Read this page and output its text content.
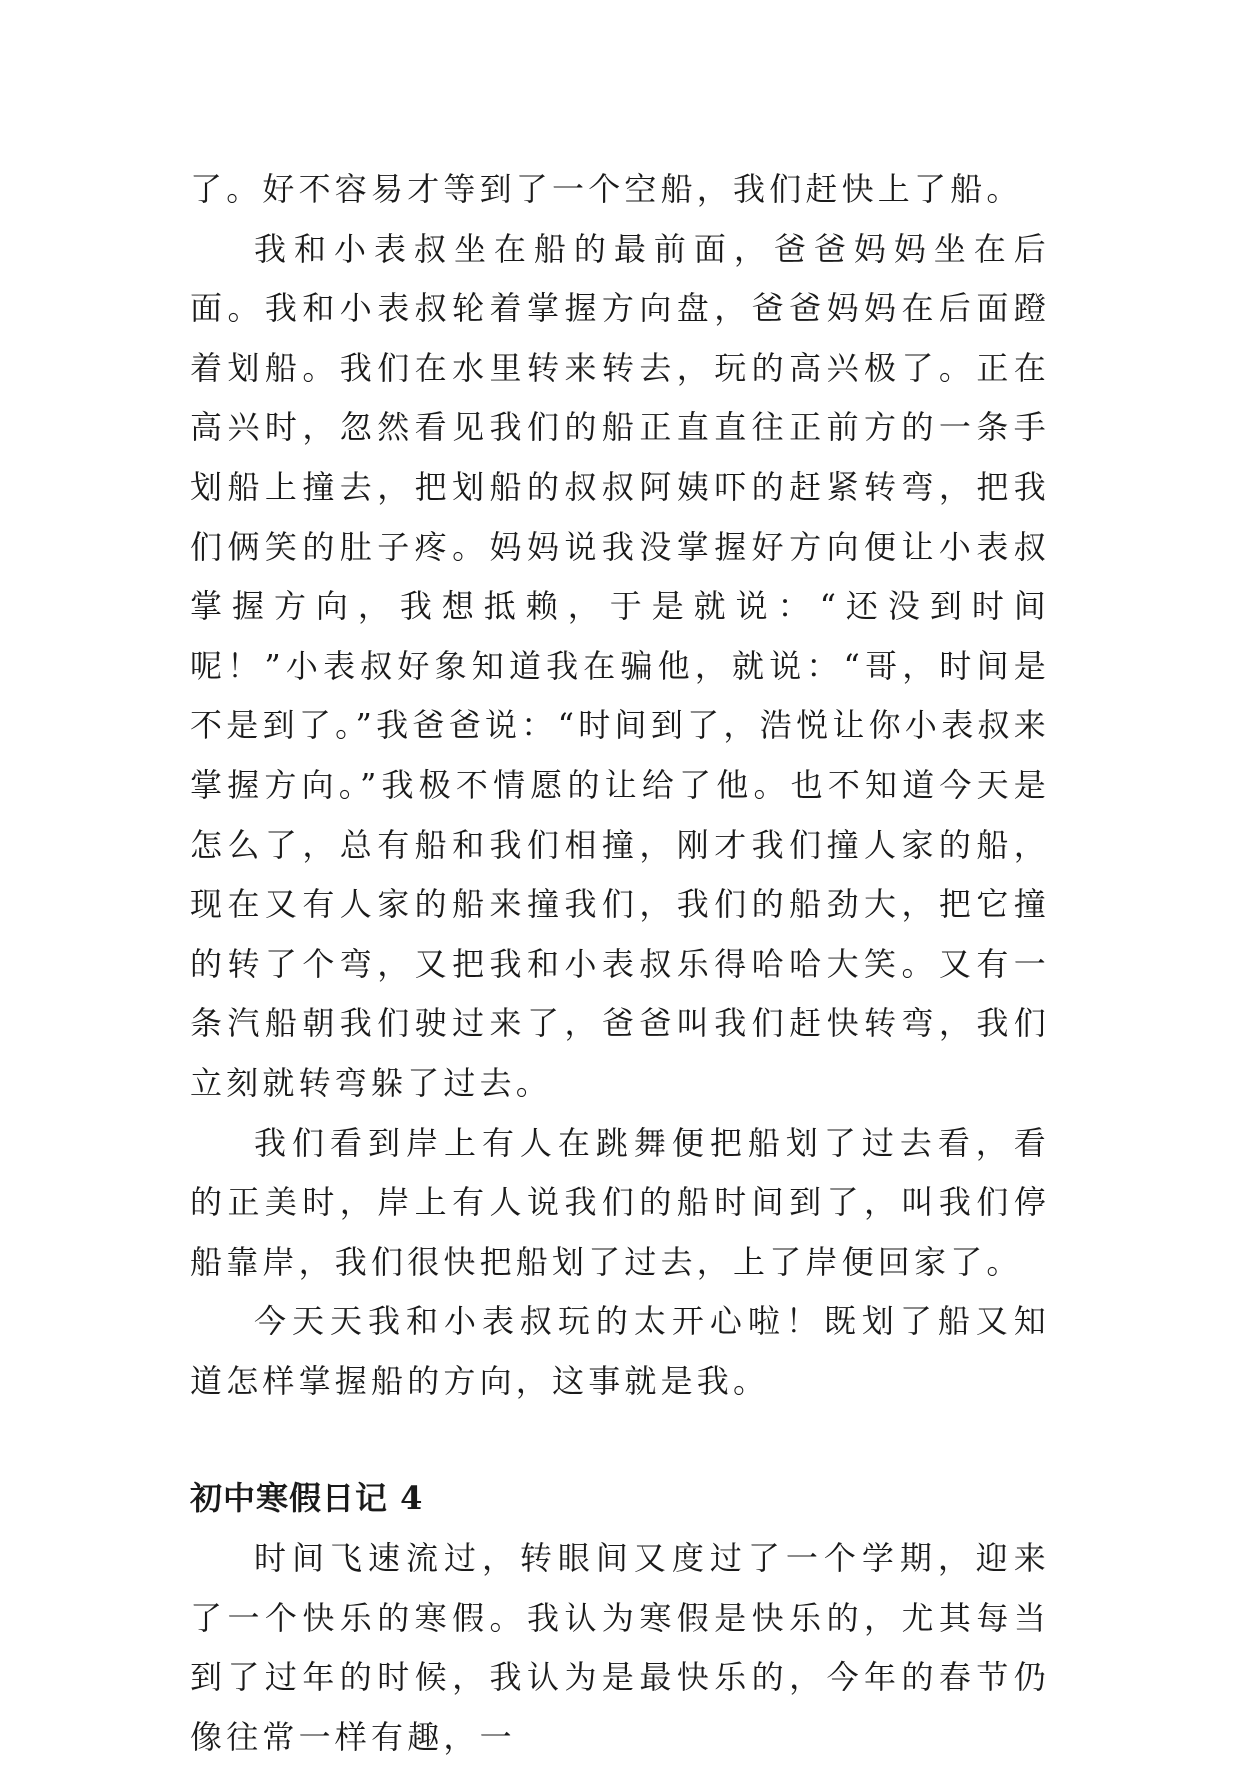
了。好不容易才等到了一个空船，我们赶快上了船。

我和小表叔坐在船的最前面，爸爸妈妈坐在后面。我和小表叔轮着掌握方向盘，爸爸妈妈在后面蹬着划船。我们在水里转来转去，玩的高兴极了。正在高兴时，忽然看见我们的船正直直往正前方的一条手划船上撞去，把划船的叔叔阿姨吓的赶紧转弯，把我们俩笑的肚子疼。妈妈说我没掌握好方向便让小表叔掌握方向，我想抵赖，于是就说：“还没到时间呢！”小表叔好象知道我在骗他，就说：“哥，时间是不是到了。”我爸爸说：“时间到了，浩悦让你小表叔来掌握方向。”我极不情愿的让给了他。也不知道今天是怎么了，总有船和我们相撞，刚才我们撞人家的船，现在又有人家的船来撞我们，我们的船劲大，把它撞的转了个弯，又把我和小表叔乐得哈哈大笑。又有一条汽船朝我们驶过来了，爸爸叫我们赶快转弯，我们立刻就转弯躲了过去。

我们看到岸上有人在跳舞便把船划了过去看，看的正美时，岸上有人说我们的船时间到了，叫我们停船靠岸，我们很快把船划了过去，上了岸便回家了。

今天天我和小表叔玩的太开心啦！既划了船又知道怎样掌握船的方向，这事就是我。

初中寒假日记 4

时间飞速流过，转眼间又度过了一个学期，迎来了一个快乐的寒假。我认为寒假是快乐的，尤其每当到了过年的时候，我认为是最快乐的，今年的春节仍像往常一样有趣，一
